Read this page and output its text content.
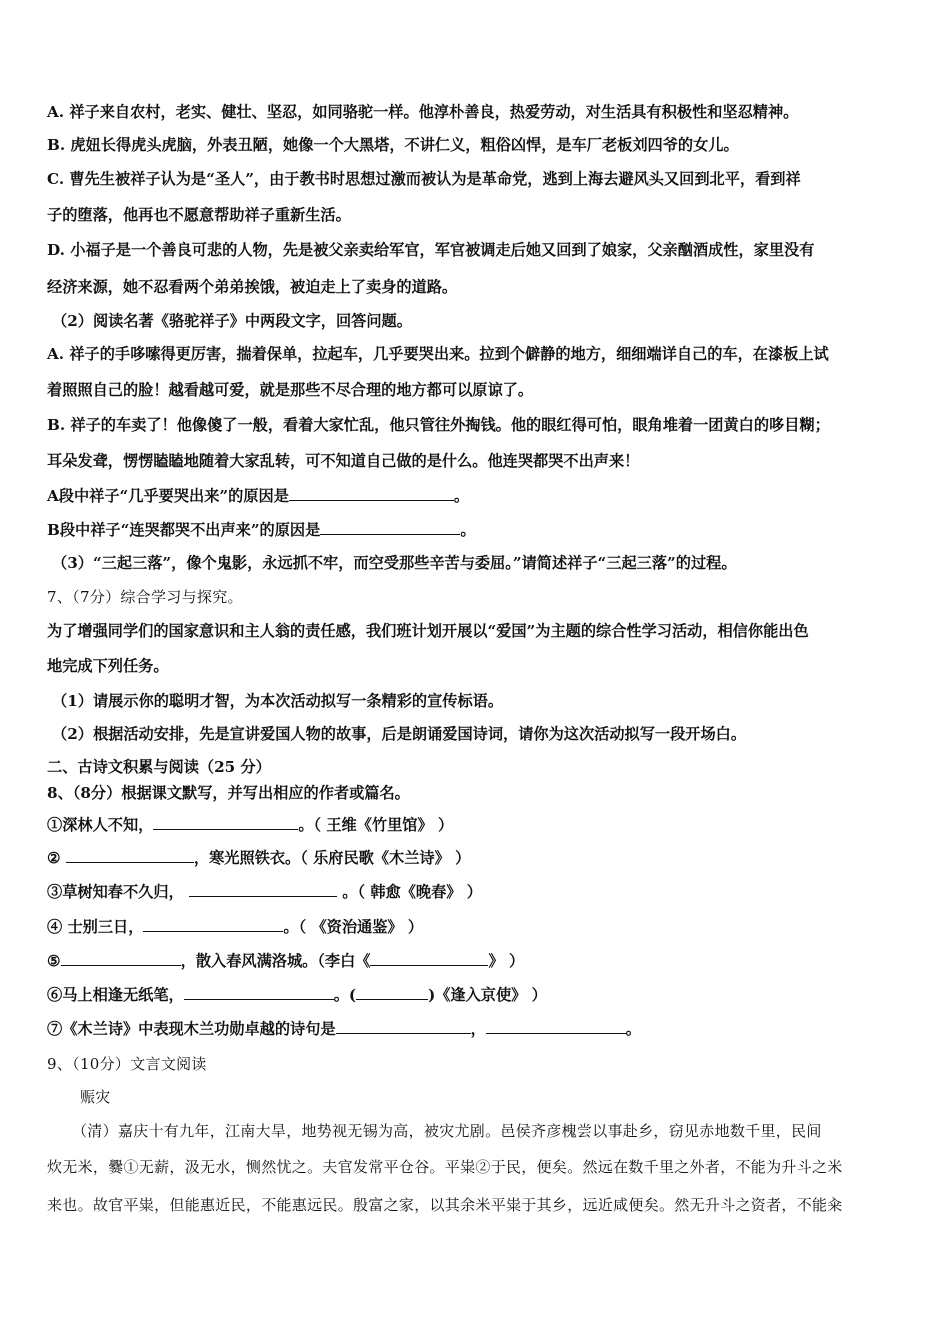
A. 祥子来自农村，老实、健壮、坚忍，如同骆驼一样。他淳朴善良，热爱劳动，对生活具有积极性和坚忍精神。
B. 虎妞长得虎头虎脑，外表丑陋，她像一个大黑塔，不讲仁义，粗俗凶悍，是车厂老板刘四爷的女儿。
C. 曹先生被祥子认为是“圣人”，由于教书时思想过激而被认为是革命党，逃到上海去避风头又回到北平，看到祥
子的堕落，他再也不愿意帮助祥子重新生活。
D. 小福子是一个善良可悲的人物，先是被父亲卖给军官，军官被调走后她又回到了娘家，父亲酗酒成性，家里没有
经济来源，她不忍看两个弟弟挨饿，被迫走上了卖身的道路。
（2）阅读名著《骆驼祥子》中两段文字，回答问题。
A. 祥子的手哆嗦得更厉害，揣着保单，拉起车，几乎要哭出来。拉到个僻静的地方，细细端详自己的车，在漆板上试
着照照自己的脸！越看越可爱，就是那些不尽合理的地方都可以原谅了。
B. 祥子的车卖了！他像傻了一般，看着大家忙乱，他只管往外掏钱。他的眼红得可怕，眼角堆着一团黄白的哆目糊；
耳朵发聋，愣愣瞌瞌地随着大家乱转，可不知道自己做的是什么。他连哭都哭不出声来！
A段中祥子“几乎要哭出来”的原因是	。
B段中祥子“连哭都哭不出声来”的原因是	。
（3）“三起三落”，像个鬼影，永远抓不牢，而空受那些辛苦与委屈。”请简述祥子“三起三落”的过程。
7、（7分）综合学习与探究。
为了增强同学们的国家意识和主人翁的责任感，我们班计划开展以“爱国”为主题的综合性学习活动，相信你能出色
地完成下列任务。
（1）请展示你的聪明才智，为本次活动拟写一条精彩的宣传标语。
（2）根据活动安排，先是宣讲爱国人物的故事，后是朗诵爱国诗词，请你为这次活动拟写一段开场白。
二、古诗文积累与阅读（25 分）
8、（8分）根据课文默写，并写出相应的作者或篇名。
①深林人不知，	。（ 王维《竹里馆》 ）
②	，寒光照铁衣。（ 乐府民歌《木兰诗》 ）
③草树知春不久归，	。（ 韩愈《晚春》 ）
④ 士别三日，	。（ 《资治通鉴》 ）
⑤	，散入春风满洛城。（李白《	》 ）
⑥马上相逢无纸笔，	。(	)《逢入京使》 ）
⑦《木兰诗》中表现木兰功勋卓越的诗句是	，	。
9、（10分）文言文阅读
赈灾
（清）嘉庆十有九年，江南大旱，地势视无锡为高，被灾尤剧。邑侯齐彦槐尝以事赴乡，窃见赤地数千里，民间
炊无米，爨①无薪，汲无水，恻然忧之。夫官发常平仓谷。平粜②于民，便矣。然远在数千里之外者，不能为升斗之米
来也。故官平粜，但能惠近民，不能惠远民。殷富之家，以其余米平粜于其乡，远近咸便矣。然无升斗之资者，不能籴
